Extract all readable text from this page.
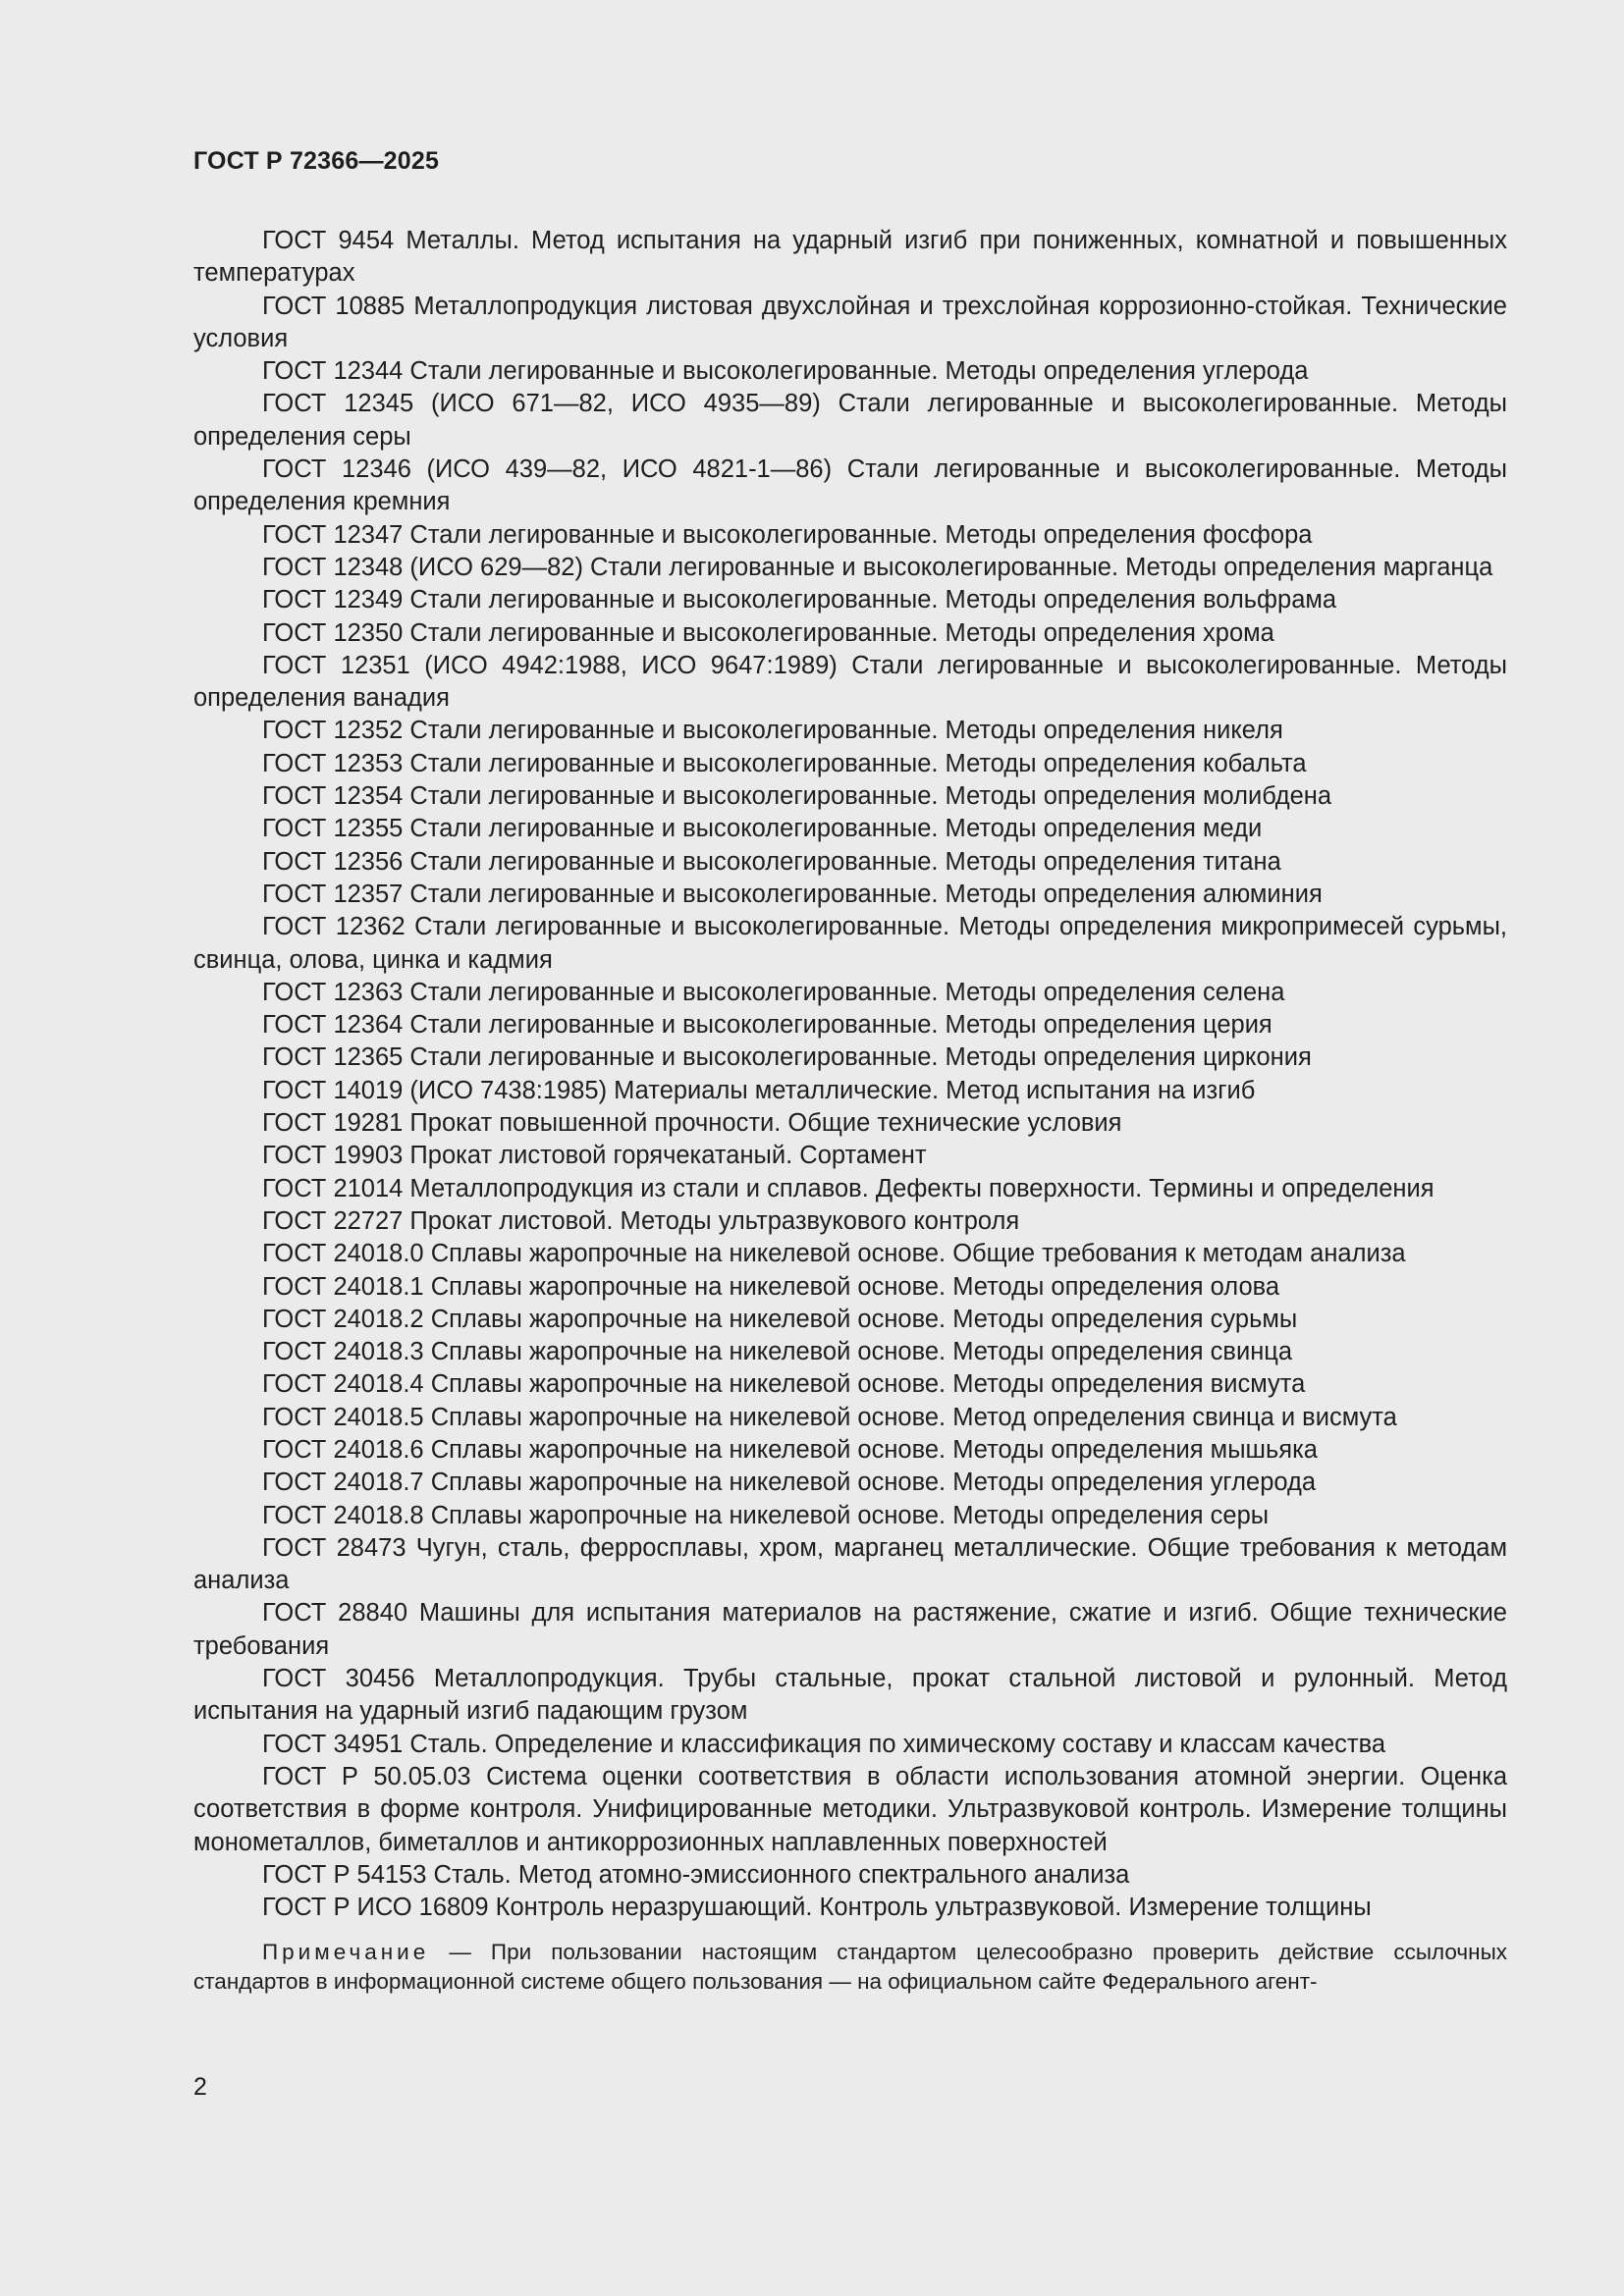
ГОСТ Р 72366—2025

ГОСТ 9454 Металлы. Метод испытания на ударный изгиб при пониженных, комнатной и повышенных температурах

ГОСТ 10885 Металлопродукция листовая двухслойная и трехслойная коррозионно-стойкая. Технические условия

ГОСТ 12344 Стали легированные и высоколегированные. Методы определения углерода

ГОСТ 12345 (ИСО 671—82, ИСО 4935—89) Стали легированные и высоколегированные. Методы определения серы

ГОСТ 12346 (ИСО 439—82, ИСО 4821-1—86) Стали легированные и высоколегированные. Методы определения кремния

ГОСТ 12347 Стали легированные и высоколегированные. Методы определения фосфора

ГОСТ 12348 (ИСО 629—82) Стали легированные и высоколегированные. Методы определения марганца

ГОСТ 12349 Стали легированные и высоколегированные. Методы определения вольфрама

ГОСТ 12350 Стали легированные и высоколегированные. Методы определения хрома

ГОСТ 12351 (ИСО 4942:1988, ИСО 9647:1989) Стали легированные и высоколегированные. Методы определения ванадия

ГОСТ 12352 Стали легированные и высоколегированные. Методы определения никеля

ГОСТ 12353 Стали легированные и высоколегированные. Методы определения кобальта

ГОСТ 12354 Стали легированные и высоколегированные. Методы определения молибдена

ГОСТ 12355 Стали легированные и высоколегированные. Методы определения меди

ГОСТ 12356 Стали легированные и высоколегированные. Методы определения титана

ГОСТ 12357 Стали легированные и высоколегированные. Методы определения алюминия

ГОСТ 12362 Стали легированные и высоколегированные. Методы определения микропримесей сурьмы, свинца, олова, цинка и кадмия

ГОСТ 12363 Стали легированные и высоколегированные. Методы определения селена

ГОСТ 12364 Стали легированные и высоколегированные. Методы определения церия

ГОСТ 12365 Стали легированные и высоколегированные. Методы определения циркония

ГОСТ 14019 (ИСО 7438:1985) Материалы металлические. Метод испытания на изгиб

ГОСТ 19281 Прокат повышенной прочности. Общие технические условия

ГОСТ 19903 Прокат листовой горячекатаный. Сортамент

ГОСТ 21014 Металлопродукция из стали и сплавов. Дефекты поверхности. Термины и определения

ГОСТ 22727 Прокат листовой. Методы ультразвукового контроля

ГОСТ 24018.0 Сплавы жаропрочные на никелевой основе. Общие требования к методам анализа

ГОСТ 24018.1 Сплавы жаропрочные на никелевой основе. Методы определения олова

ГОСТ 24018.2 Сплавы жаропрочные на никелевой основе. Методы определения сурьмы

ГОСТ 24018.3 Сплавы жаропрочные на никелевой основе. Методы определения свинца

ГОСТ 24018.4 Сплавы жаропрочные на никелевой основе. Методы определения висмута

ГОСТ 24018.5 Сплавы жаропрочные на никелевой основе. Метод определения свинца и висмута

ГОСТ 24018.6 Сплавы жаропрочные на никелевой основе. Методы определения мышьяка

ГОСТ 24018.7 Сплавы жаропрочные на никелевой основе. Методы определения углерода

ГОСТ 24018.8 Сплавы жаропрочные на никелевой основе. Методы определения серы

ГОСТ 28473 Чугун, сталь, ферросплавы, хром, марганец металлические. Общие требования к методам анализа

ГОСТ 28840 Машины для испытания материалов на растяжение, сжатие и изгиб. Общие технические требования

ГОСТ 30456 Металлопродукция. Трубы стальные, прокат стальной листовой и рулонный. Метод испытания на ударный изгиб падающим грузом

ГОСТ 34951 Сталь. Определение и классификация по химическому составу и классам качества

ГОСТ Р 50.05.03 Система оценки соответствия в области использования атомной энергии. Оценка соответствия в форме контроля. Унифицированные методики. Ультразвуковой контроль. Измерение толщины монометаллов, биметаллов и антикоррозионных наплавленных поверхностей

ГОСТ Р 54153 Сталь. Метод атомно-эмиссионного спектрального анализа

ГОСТ Р ИСО 16809 Контроль неразрушающий. Контроль ультразвуковой. Измерение толщины

Примечание — При пользовании настоящим стандартом целесообразно проверить действие ссылочных стандартов в информационной системе общего пользования — на официальном сайте Федерального агент-

2
